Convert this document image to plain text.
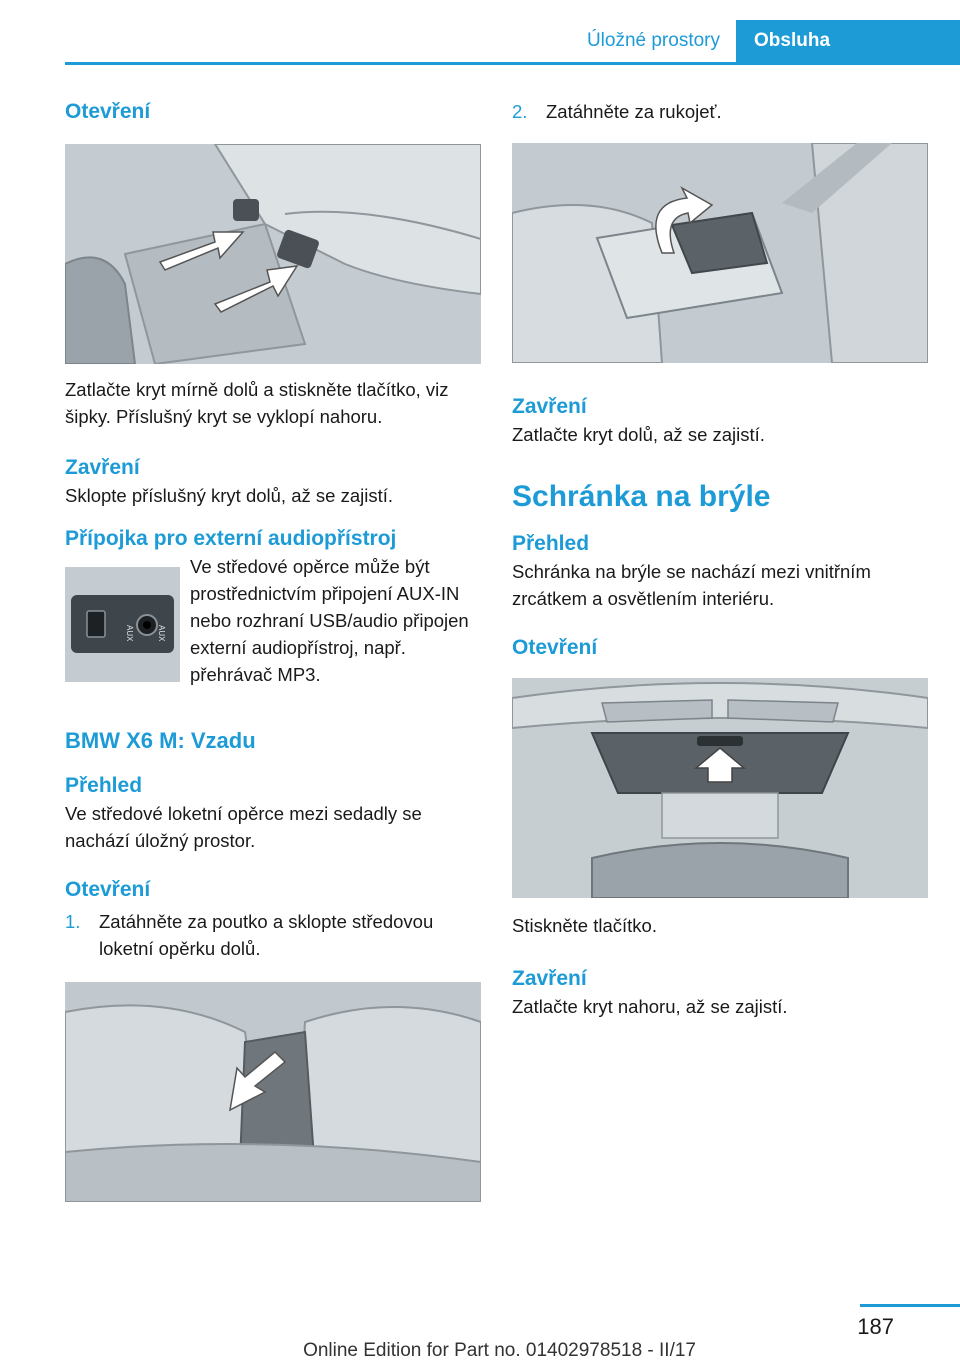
Úložné prostory	Obsluha

Otevření

Zatlačte kryt mírně dolů a stiskněte tlačítko, viz šipky. Příslušný kryt se vyklopí nahoru.

Zavření

Sklopte příslušný kryt dolů, až se zajistí.

Přípojka pro externí audiopřístroj

AUX	AUX

Ve středové opěrce může být prostřednictvím připojení AUX-IN nebo rozhraní USB/audio připojen externí audiopřístroj, např. přehrávač MP3.

BMW X6 M: Vzadu

Přehled

Ve středové loketní opěrce mezi sedadly se nachází úložný prostor.

Otevření

1.	Zatáhněte za poutko a sklopte středovou loketní opěrku dolů.
2.	Zatáhněte za rukojeť.

Zavření

Zatlačte kryt dolů, až se zajistí.

Schránka na brýle

Přehled

Schránka na brýle se nachází mezi vnitřním zrcátkem a osvětlením interiéru.

Otevření

Stiskněte tlačítko.

Zavření

Zatlačte kryt nahoru, až se zajistí.

187
Online Edition for Part no. 01402978518 - II/17
